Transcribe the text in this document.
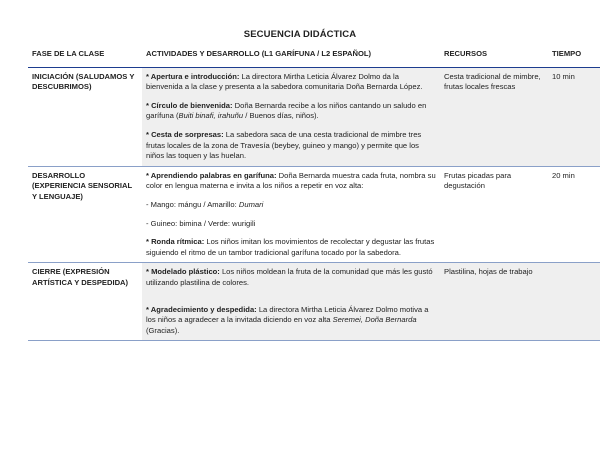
SECUENCIA DIDÁCTICA
FASE DE LA CLASE	ACTIVIDADES Y DESARROLLO (L1 GARÍFUNA / L2 ESPAÑOL)	RECURSOS	TIEMPO
INICIACIÓN (SALUDAMOS Y DESCUBRIMOS)	* Apertura e introducción: La directora Mirtha Leticia Álvarez Dolmo da la bienvenida a la clase y presenta a la sabedora comunitaria Doña Bernarda López.

* Círculo de bienvenida: Doña Bernarda recibe a los niños cantando un saludo en garífuna (Buiti binafi, irahuñu / Buenos días, niños).

* Cesta de sorpresas: La sabedora saca de una cesta tradicional de mimbre tres frutas locales de la zona de Travesía (beybey, guineo y mango) y permite que los niños las toquen y las huelan.	Cesta tradicional de mimbre, frutas locales frescas	10 min
DESARROLLO (EXPERIENCIA SENSORIAL Y LENGUAJE)	* Aprendiendo palabras en garífuna: Doña Bernarda muestra cada fruta, nombra su color en lengua materna e invita a los niños a repetir en voz alta:

- Mango: mángu / Amarillo: Dumari

- Guineo: bimina / Verde: wurigili

* Ronda rítmica: Los niños imitan los movimientos de recolectar y degustar las frutas siguiendo el ritmo de un tambor tradicional garífuna tocado por la sabedora.	Frutas picadas para degustación	20 min
CIERRE (EXPRESIÓN ARTÍSTICA Y DESPEDIDA)	* Modelado plástico: Los niños moldean la fruta de la comunidad que más les gustó utilizando plastilina de colores.

* Agradecimiento y despedida: La directora Mirtha Leticia Álvarez Dolmo motiva a los niños a agradecer a la invitada diciendo en voz alta Seremei, Doña Bernarda (Gracias).	Plastilina, hojas de trabajo	
